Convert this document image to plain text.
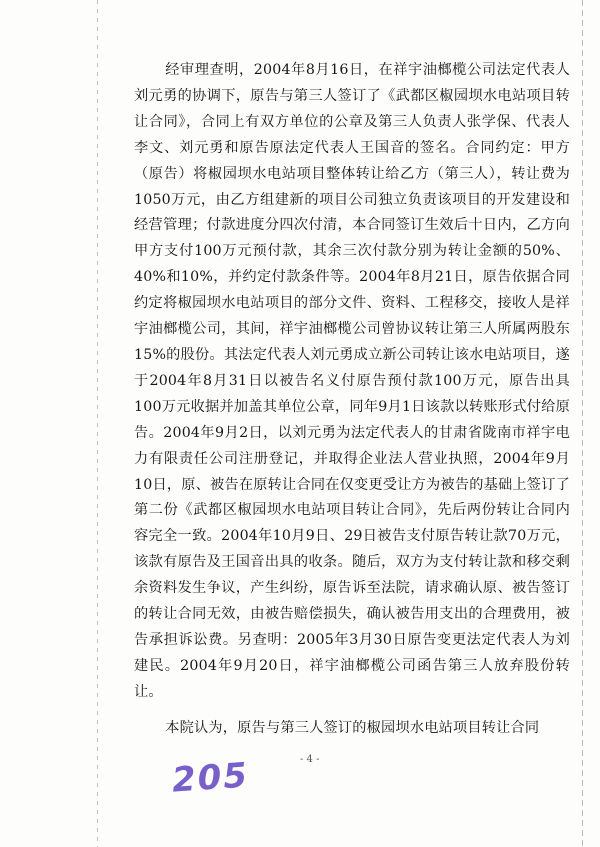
经审理查明，2004年8月16日，在祥宇油榔榄公司法定代表人刘元勇的协调下，原告与第三人签订了《武都区椒园坝水电站项目转让合同》，合同上有双方单位的公章及第三人负责人张学保、代表人李文、刘元勇和原告原法定代表人王国音的签名。合同约定：甲方（原告）将椒园坝水电站项目整体转让给乙方（第三人），转让费为1050万元，由乙方组建新的项目公司独立负责该项目的开发建设和经营管理；付款进度分四次付清，本合同签订生效后十日内，乙方向甲方支付100万元预付款，其余三次付款分别为转让金额的50%、40%和10%，并约定付款条件等。2004年8月21日，原告依据合同约定将椒园坝水电站项目的部分文件、资料、工程移交，接收人是祥宇油榔榄公司，其间，祥宇油榔榄公司曾协议转让第三人所属两股东15%的股份。其法定代表人刘元勇成立新公司转让该水电站项目，遂于2004年8月31日以被告名义付原告预付款100万元，原告出具100万元收据并加盖其单位公章，同年9月1日该款以转账形式付给原告。2004年9月2日，以刘元勇为法定代表人的甘肃省陇南市祥宇电力有限责任公司注册登记，并取得企业法人营业执照，2004年9月10日，原、被告在原转让合同在仅变更受让方为被告的基础上签订了第二份《武都区椒园坝水电站项目转让合同》，先后两份转让合同内容完全一致。2004年10月9日、29日被告支付原告转让款70万元，该款有原告及王国音出具的收条。随后，双方为支付转让款和移交剩余资料发生争议，产生纠纷，原告诉至法院，请求确认原、被告签订的转让合同无效，由被告赔偿损失，确认被告用支出的合理费用，被告承担诉讼费。另查明：2005年3月30日原告变更法定代表人为刘建民。2004年9月20日，祥宇油榔榄公司函告第三人放弃股份转让。

本院认为，原告与第三人签订的椒园坝水电站项目转让合同

- 4 -
205
